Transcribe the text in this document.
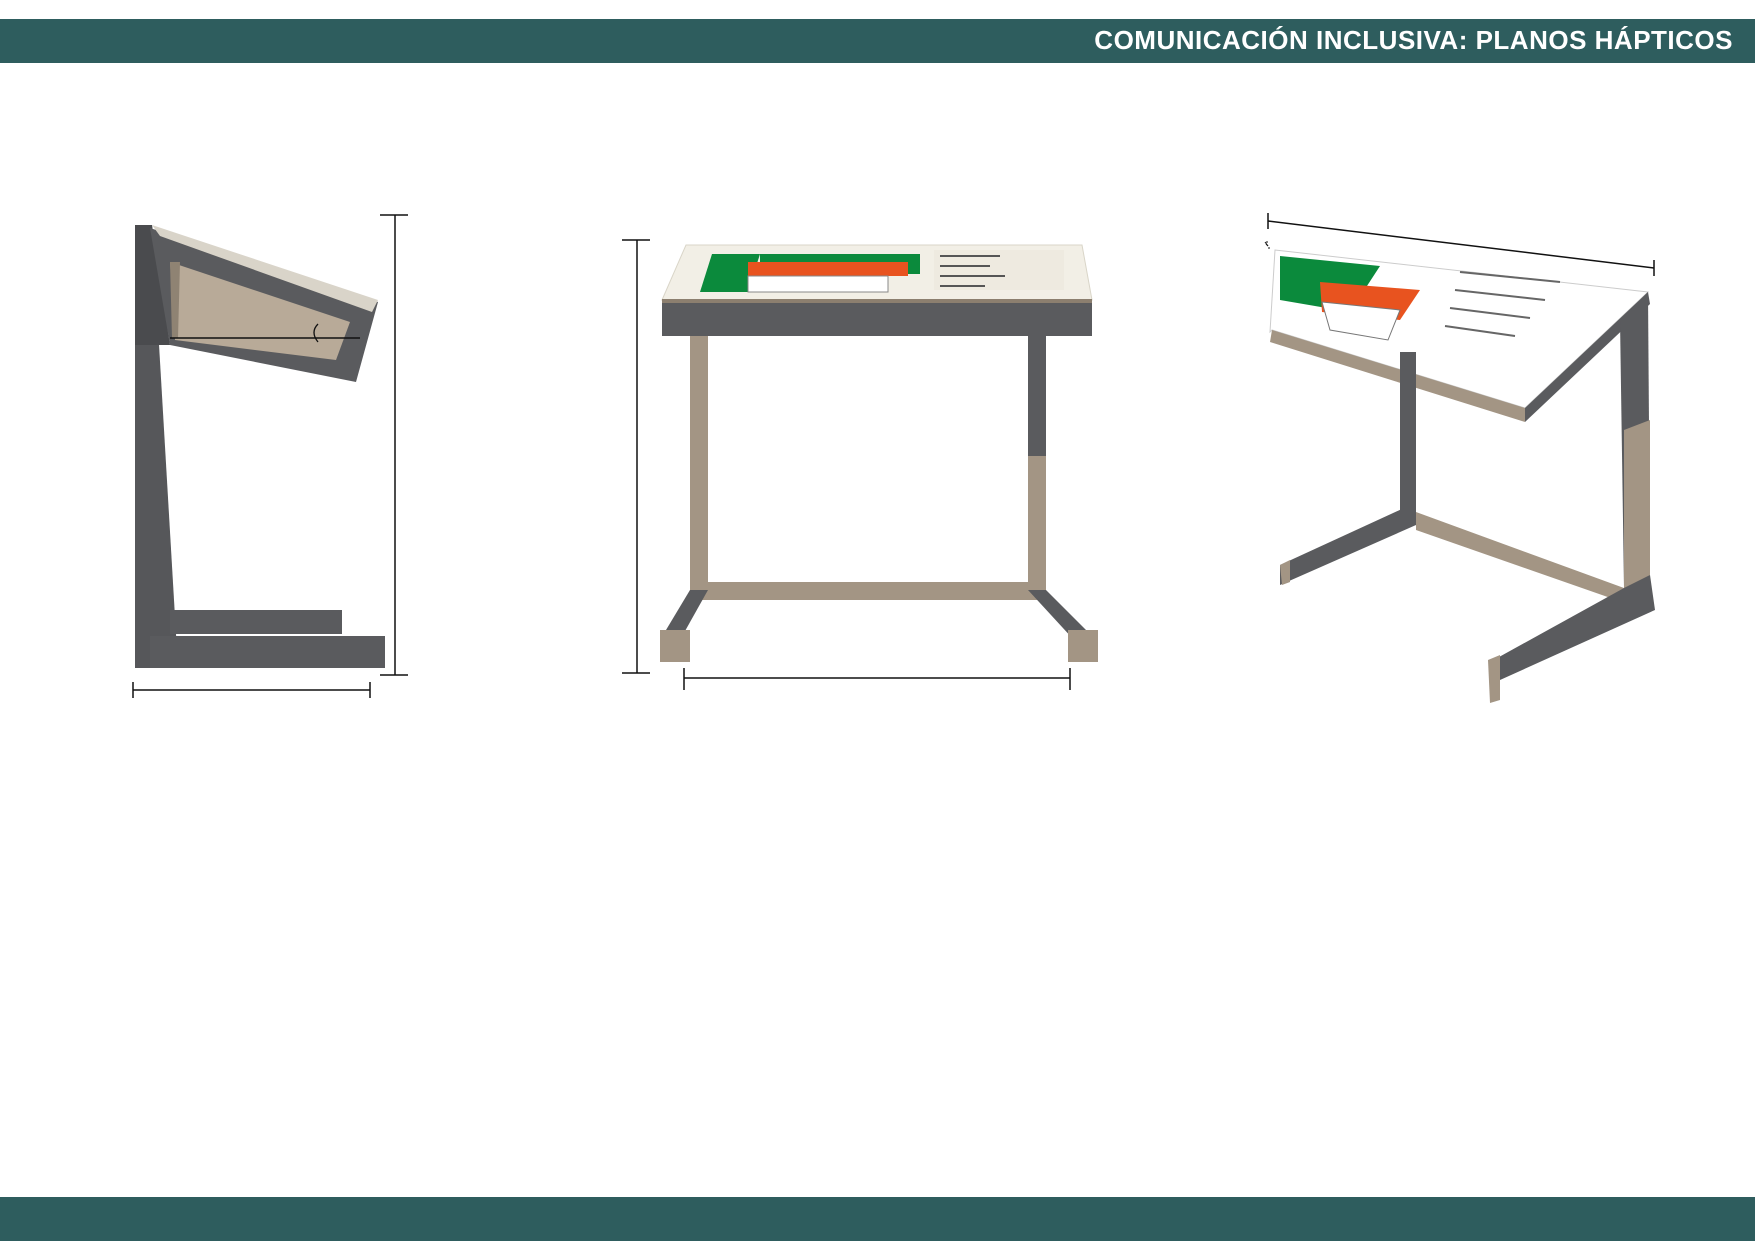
COMUNICACIÓN INCLUSIVA: PLANOS HÁPTICOS
